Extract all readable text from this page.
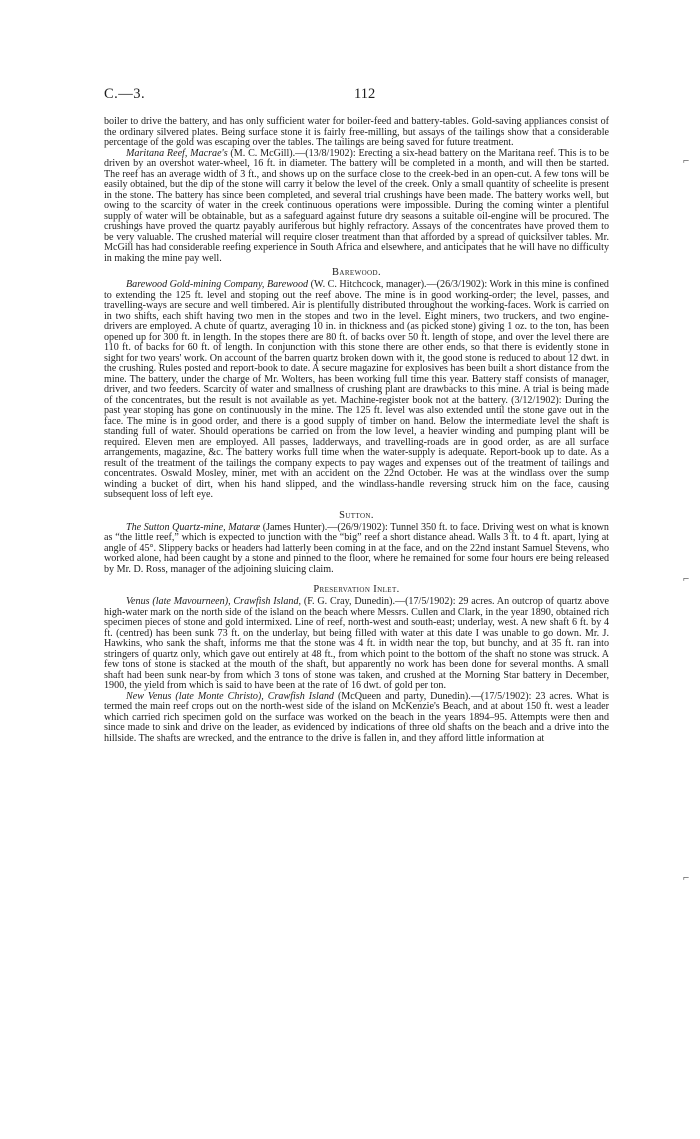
C.—3.	112

boiler to drive the battery, and has only sufficient water for boiler-feed and battery-tables. Gold-saving appliances consist of the ordinary silvered plates. Being surface stone it is fairly free-milling, but assays of the tailings show that a considerable percentage of the gold was escaping over the tables. The tailings are being saved for future treatment.

Maritana Reef, Macrae's (M. C. McGill).—(13/8/1902): Erecting a six-head battery on the Maritana reef. This is to be driven by an overshot water-wheel, 16 ft. in diameter. The battery will be completed in a month, and will then be started. The reef has an average width of 3 ft., and shows up on the surface close to the creek-bed in an open-cut. A few tons will be easily obtained, but the dip of the stone will carry it below the level of the creek. Only a small quantity of scheelite is present in the stone. The battery has since been completed, and several trial crushings have been made. The battery works well, but owing to the scarcity of water in the creek continuous operations were impossible. During the coming winter a plentiful supply of water will be obtainable, but as a safeguard against future dry seasons a suitable oil-engine will be procured. The crushings have proved the quartz payably auriferous but highly refractory. Assays of the concentrates have proved them to be very valuable. The crushed material will require closer treatment than that afforded by a spread of quicksilver tables. Mr. McGill has had considerable reefing experience in South Africa and elsewhere, and anticipates that he will have no difficulty in making the mine pay well.

Barewood.

Barewood Gold-mining Company, Barewood (W. C. Hitchcock, manager).—(26/3/1902): Work in this mine is confined to extending the 125 ft. level and stoping out the reef above. The mine is in good working-order; the level, passes, and travelling-ways are secure and well timbered. Air is plentifully distributed throughout the working-faces. Work is carried on in two shifts, each shift having two men in the stopes and two in the level. Eight miners, two truckers, and two engine-drivers are employed. A chute of quartz, averaging 10 in. in thickness and (as picked stone) giving 1 oz. to the ton, has been opened up for 300 ft. in length. In the stopes there are 80 ft. of backs over 50 ft. length of stope, and over the level there are 110 ft. of backs for 60 ft. of length. In conjunction with this stone there are other ends, so that there is evidently stone in sight for two years' work. On account of the barren quartz broken down with it, the good stone is reduced to about 12 dwt. in the crushing. Rules posted and report-book to date. A secure magazine for explosives has been built a short distance from the mine. The battery, under the charge of Mr. Wolters, has been working full time this year. Battery staff consists of manager, driver, and two feeders. Scarcity of water and smallness of crushing plant are drawbacks to this mine. A trial is being made of the concentrates, but the result is not available as yet. Machine-register book not at the battery. (3/12/1902): During the past year stoping has gone on continuously in the mine. The 125 ft. level was also extended until the stone gave out in the face. The mine is in good order, and there is a good supply of timber on hand. Below the intermediate level the shaft is standing full of water. Should operations be carried on from the low level, a heavier winding and pumping plant will be required. Eleven men are employed. All passes, ladderways, and travelling-roads are in good order, as are all surface arrangements, magazine, &c. The battery works full time when the water-supply is adequate. Report-book up to date. As a result of the treatment of the tailings the company expects to pay wages and expenses out of the treatment of tailings and concentrates. Oswald Mosley, miner, met with an accident on the 22nd October. He was at the windlass over the sump winding a bucket of dirt, when his hand slipped, and the windlass-handle reversing struck him on the face, causing subsequent loss of left eye.

Sutton.

The Sutton Quartz-mine, Mataræ (James Hunter).—(26/9/1902): Tunnel 350 ft. to face. Driving west on what is known as “the little reef,” which is expected to junction with the “big” reef a short distance ahead. Walls 3 ft. to 4 ft. apart, lying at angle of 45°. Slippery backs or headers had latterly been coming in at the face, and on the 22nd instant Samuel Stevens, who worked alone, had been caught by a stone and pinned to the floor, where he remained for some four hours ere being released by Mr. D. Ross, manager of the adjoining sluicing claim.

Preservation Inlet.

Venus (late Mavourneen), Crawfish Island, (F. G. Cray, Dunedin).—(17/5/1902): 29 acres. An outcrop of quartz above high-water mark on the north side of the island on the beach where Messrs. Cullen and Clark, in the year 1890, obtained rich specimen pieces of stone and gold intermixed. Line of reef, north-west and south-east; underlay, west. A new shaft 6 ft. by 4 ft. (centred) has been sunk 73 ft. on the underlay, but being filled with water at this date I was unable to go down. Mr. J. Hawkins, who sank the shaft, informs me that the stone was 4 ft. in width near the top, but bunchy, and at 35 ft. ran into stringers of quartz only, which gave out entirely at 48 ft., from which point to the bottom of the shaft no stone was struck. A few tons of stone is stacked at the mouth of the shaft, but apparently no work has been done for several months. A small shaft had been sunk near-by from which 3 tons of stone was taken, and crushed at the Morning Star battery in December, 1900, the yield from which is said to have been at the rate of 16 dwt. of gold per ton.

New Venus (late Monte Christo), Crawfish Island (McQueen and party, Dunedin).—(17/5/1902): 23 acres. What is termed the main reef crops out on the north-west side of the island on McKenzie's Beach, and at about 150 ft. west a leader which carried rich specimen gold on the surface was worked on the beach in the years 1894–95. Attempts were then and since made to sink and drive on the leader, as evidenced by indications of three old shafts on the beach and a drive into the hillside. The shafts are wrecked, and the entrance to the drive is fallen in, and they afford little information at

⌐
⌐
⌐
